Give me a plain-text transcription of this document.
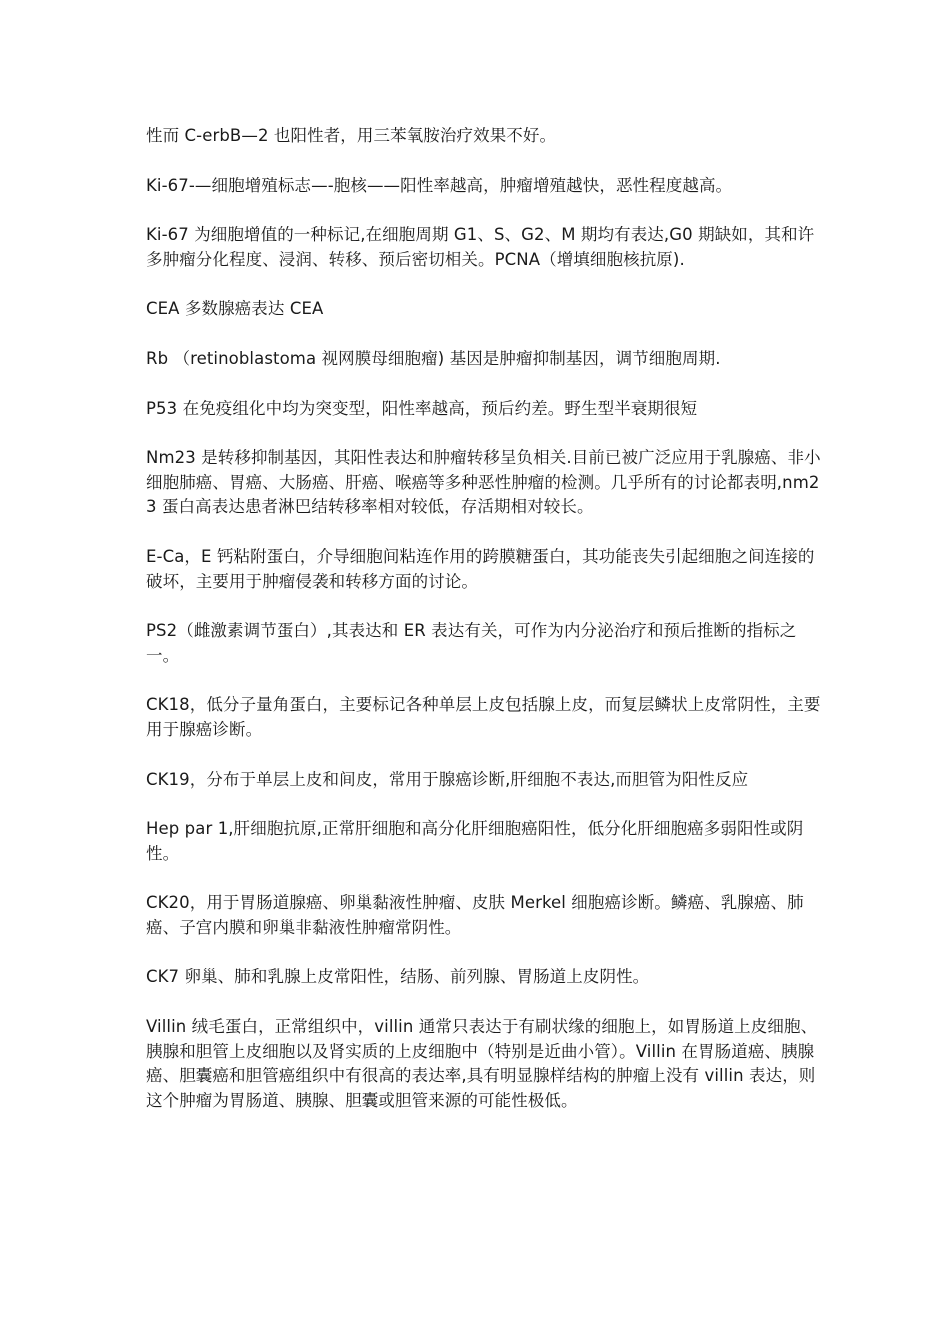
性而 C-erbB—2 也阳性者，用三苯氧胺治疗效果不好。

Ki-67-—细胞增殖标志—-胞核——阳性率越高，肿瘤增殖越快，恶性程度越高。

Ki-67 为细胞增值的一种标记,在细胞周期 G1、S、G2、M 期均有表达,G0 期缺如，其和许多肿瘤分化程度、浸润、转移、预后密切相关。PCNA（增填细胞核抗原).

CEA 多数腺癌表达 CEA

Rb （retinoblastoma 视网膜母细胞瘤) 基因是肿瘤抑制基因，调节细胞周期.

P53 在免疫组化中均为突变型，阳性率越高，预后约差。野生型半衰期很短

Nm23 是转移抑制基因，其阳性表达和肿瘤转移呈负相关.目前已被广泛应用于乳腺癌、非小细胞肺癌、胃癌、大肠癌、肝癌、喉癌等多种恶性肿瘤的检测。几乎所有的讨论都表明,nm23 蛋白高表达患者淋巴结转移率相对较低，存活期相对较长。

E-Ca，E 钙粘附蛋白，介导细胞间粘连作用的跨膜糖蛋白，其功能丧失引起细胞之间连接的破坏，主要用于肿瘤侵袭和转移方面的讨论。

PS2（雌激素调节蛋白）,其表达和 ER 表达有关，可作为内分泌治疗和预后推断的指标之一。

CK18，低分子量角蛋白，主要标记各种单层上皮包括腺上皮，而复层鳞状上皮常阴性，主要用于腺癌诊断。

CK19，分布于单层上皮和间皮，常用于腺癌诊断,肝细胞不表达,而胆管为阳性反应

Hep par 1,肝细胞抗原,正常肝细胞和高分化肝细胞癌阳性，低分化肝细胞癌多弱阳性或阴性。

CK20，用于胃肠道腺癌、卵巢黏液性肿瘤、皮肤 Merkel 细胞癌诊断。鳞癌、乳腺癌、肺癌、子宫内膜和卵巢非黏液性肿瘤常阴性。

CK7 卵巢、肺和乳腺上皮常阳性，结肠、前列腺、胃肠道上皮阴性。

Villin 绒毛蛋白，正常组织中，villin 通常只表达于有刷状缘的细胞上，如胃肠道上皮细胞、胰腺和胆管上皮细胞以及肾实质的上皮细胞中（特别是近曲小管）。Villin 在胃肠道癌、胰腺癌、胆囊癌和胆管癌组织中有很高的表达率,具有明显腺样结构的肿瘤上没有 villin 表达，则这个肿瘤为胃肠道、胰腺、胆囊或胆管来源的可能性极低。
